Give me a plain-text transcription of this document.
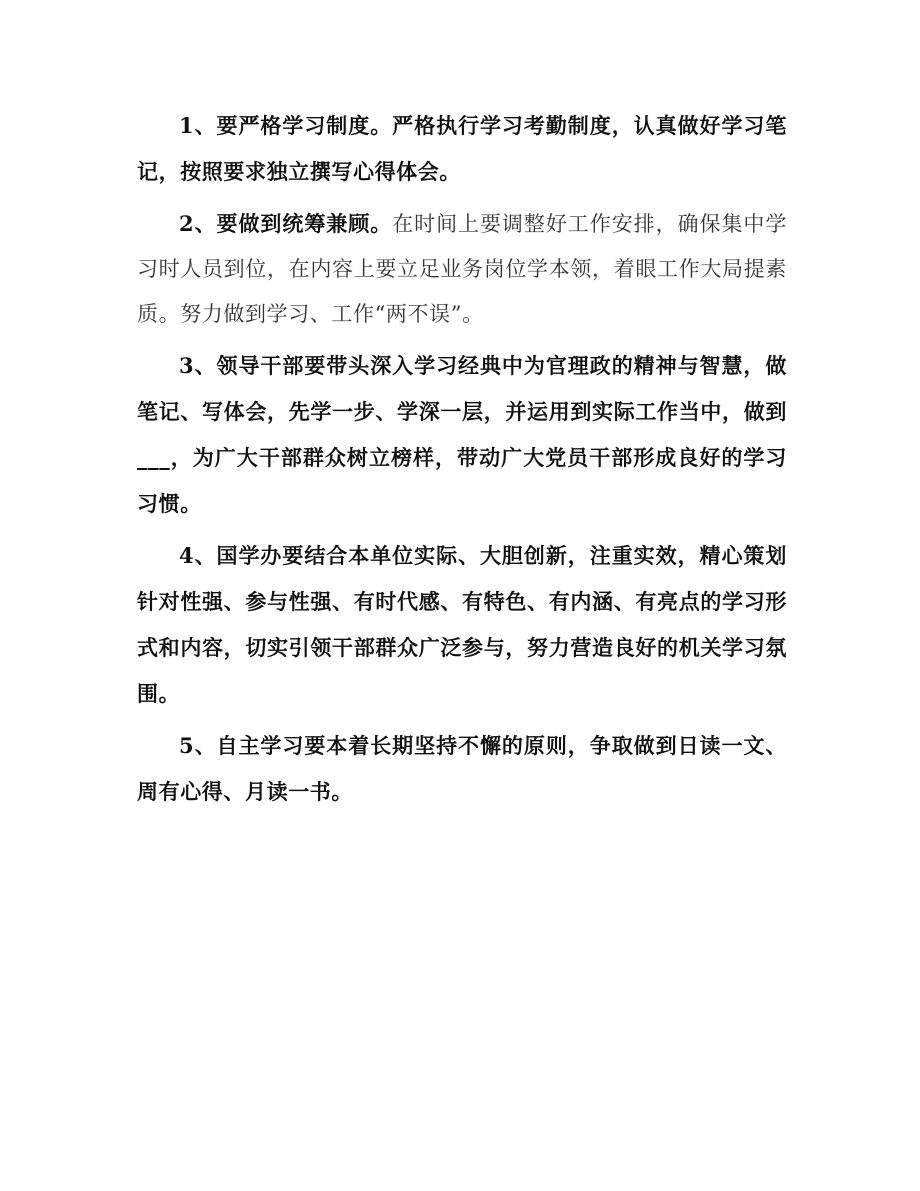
1、要严格学习制度。严格执行学习考勤制度，认真做好学习笔记，按照要求独立撰写心得体会。

2、要做到统筹兼顾。在时间上要调整好工作安排，确保集中学习时人员到位，在内容上要立足业务岗位学本领，着眼工作大局提素质。努力做到学习、工作“两不误”。

3、领导干部要带头深入学习经典中为官理政的精神与智慧，做笔记、写体会，先学一步、学深一层，并运用到实际工作当中，做到___，为广大干部群众树立榜样，带动广大党员干部形成良好的学习习惯。

4、国学办要结合本单位实际、大胆创新，注重实效，精心策划针对性强、参与性强、有时代感、有特色、有内涵、有亮点的学习形式和内容，切实引领干部群众广泛参与，努力营造良好的机关学习氛围。

5、自主学习要本着长期坚持不懈的原则，争取做到日读一文、周有心得、月读一书。
